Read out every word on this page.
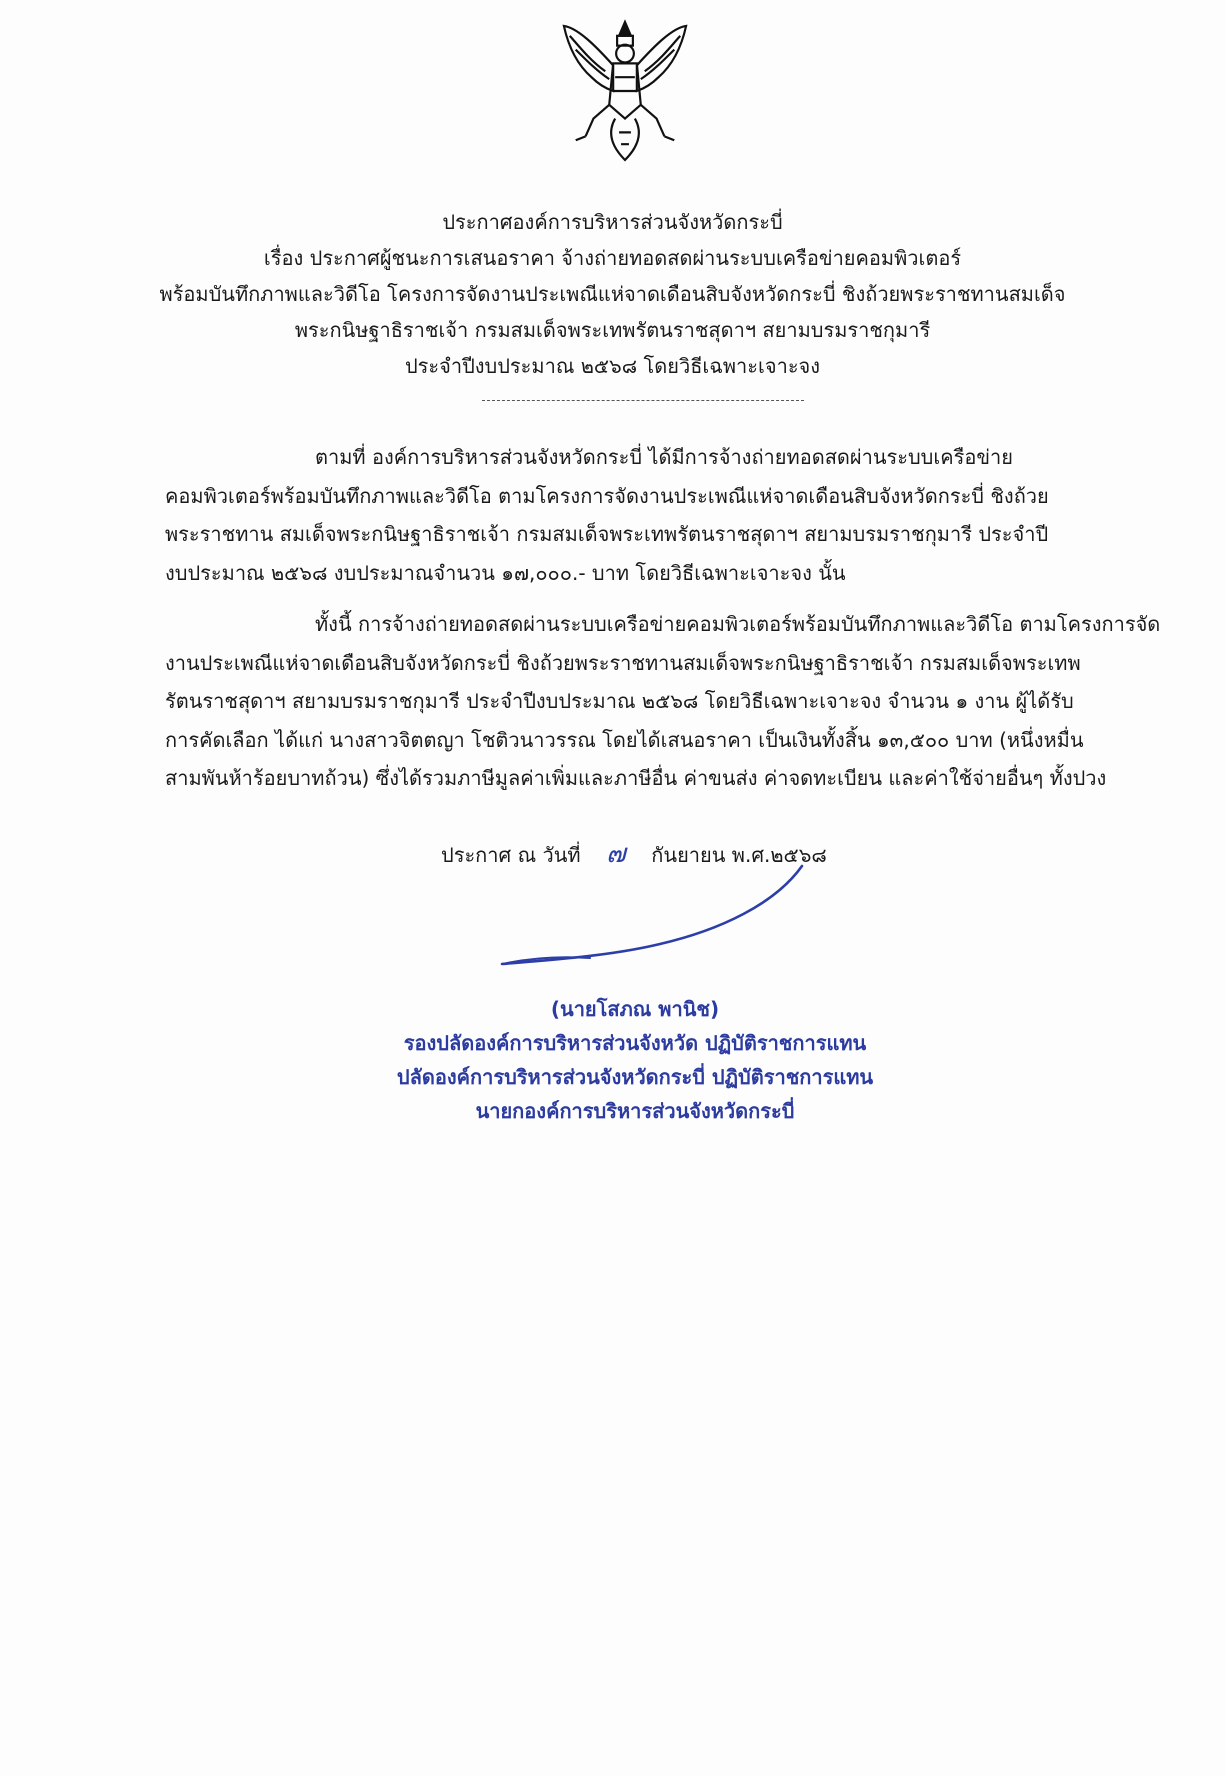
ประกาศองค์การบริหารส่วนจังหวัดกระบี่
เรื่อง ประกาศผู้ชนะการเสนอราคา จ้างถ่ายทอดสดผ่านระบบเครือข่ายคอมพิวเตอร์
พร้อมบันทึกภาพและวิดีโอ โครงการจัดงานประเพณีแห่จาดเดือนสิบจังหวัดกระบี่ ชิงถ้วยพระราชทานสมเด็จ
พระกนิษฐาธิราชเจ้า กรมสมเด็จพระเทพรัตนราชสุดาฯ สยามบรมราชกุมารี
ประจำปีงบประมาณ ๒๕๖๘ โดยวิธีเฉพาะเจาะจง
ตามที่ องค์การบริหารส่วนจังหวัดกระบี่ ได้มีการจ้างถ่ายทอดสดผ่านระบบเครือข่าย
คอมพิวเตอร์พร้อมบันทึกภาพและวิดีโอ ตามโครงการจัดงานประเพณีแห่จาดเดือนสิบจังหวัดกระบี่ ชิงถ้วย
พระราชทาน สมเด็จพระกนิษฐาธิราชเจ้า กรมสมเด็จพระเทพรัตนราชสุดาฯ สยามบรมราชกุมารี ประจำปี
งบประมาณ ๒๕๖๘ งบประมาณจำนวน ๑๗,๐๐๐.- บาท โดยวิธีเฉพาะเจาะจง นั้น
ทั้งนี้ การจ้างถ่ายทอดสดผ่านระบบเครือข่ายคอมพิวเตอร์พร้อมบันทึกภาพและวิดีโอ ตามโครงการจัด
งานประเพณีแห่จาดเดือนสิบจังหวัดกระบี่ ชิงถ้วยพระราชทานสมเด็จพระกนิษฐาธิราชเจ้า กรมสมเด็จพระเทพ
รัตนราชสุดาฯ สยามบรมราชกุมารี ประจำปีงบประมาณ ๒๕๖๘ โดยวิธีเฉพาะเจาะจง จำนวน ๑ งาน ผู้ได้รับ
การคัดเลือก ได้แก่ นางสาวจิตตญา โชติวนาวรรณ โดยได้เสนอราคา เป็นเงินทั้งสิ้น ๑๓,๕๐๐ บาท (หนึ่งหมื่น
สามพันห้าร้อยบาทถ้วน) ซึ่งได้รวมภาษีมูลค่าเพิ่มและภาษีอื่น ค่าขนส่ง ค่าจดทะเบียน และค่าใช้จ่ายอื่นๆ ทั้งปวง
ประกาศ ณ วันที่ ๗ กันยายน พ.ศ.๒๕๖๘
(นายโสภณ พานิช)
รองปลัดองค์การบริหารส่วนจังหวัด ปฏิบัติราชการแทน
ปลัดองค์การบริหารส่วนจังหวัดกระบี่ ปฏิบัติราชการแทน
นายกองค์การบริหารส่วนจังหวัดกระบี่
